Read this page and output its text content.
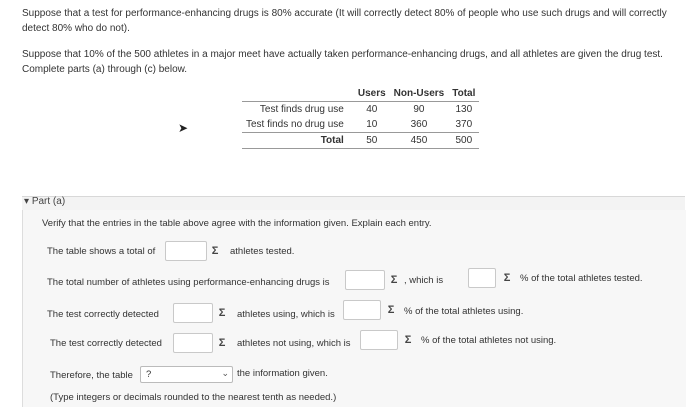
Suppose that a test for performance-enhancing drugs is 80% accurate (It will correctly detect 80% of people who use such drugs and will correctly detect 80% who do not).

Suppose that 10% of the 500 athletes in a major meet have actually taken performance-enhancing drugs, and all athletes are given the drug test. Complete parts (a) through (c) below.

	Users	Non-Users	Total
Test finds drug use	40	90	130
Test finds no drug use	10	360	370
Total	50	450	500
➤
▾ Part (a)
Verify that the entries in the table above agree with the information given. Explain each entry.
The table shows a total of	Σ	athletes tested.
The total number of athletes using performance-enhancing drugs is	Σ , which is	Σ	% of the total athletes tested.
The test correctly detected	Σ	athletes using, which is	Σ	% of the total athletes using.
The test correctly detected	Σ	athletes not using, which is	Σ	% of the total athletes not using.
Therefore, the table ?	⌄ the information given.
(Type integers or decimals rounded to the nearest tenth as needed.)
